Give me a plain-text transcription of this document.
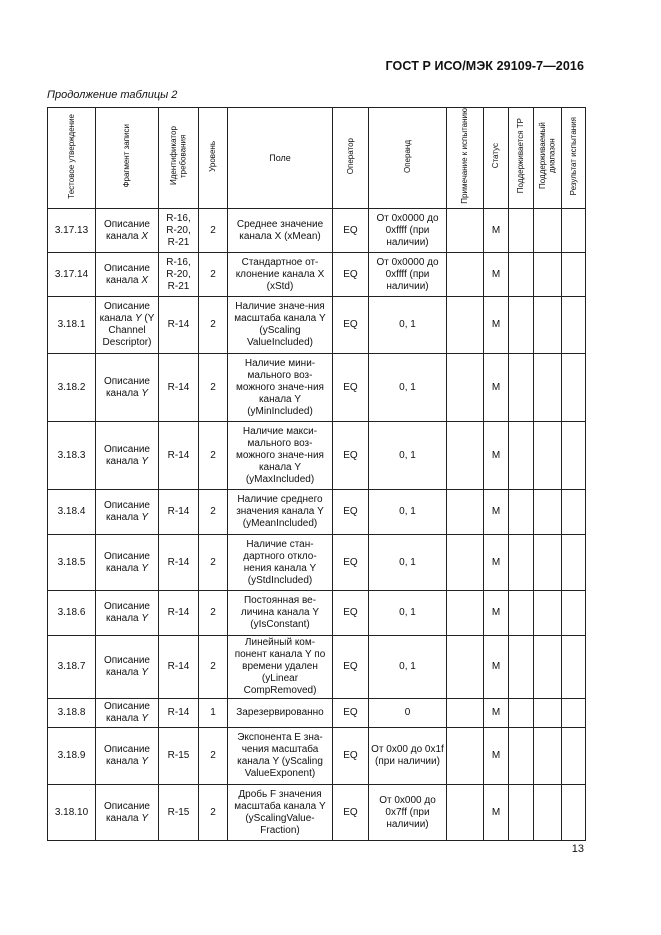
ГОСТ Р ИСО/МЭК 29109-7—2016
Продолжение таблицы 2
Тестовое утверждение	Фрагмент записи	Идентификатор требования	Уровень	Поле	Оператор	Операнд	Примечание к испытанию	Статус	Поддерживается ТР	Поддерживаемый диапазон	Результат испытания

3.17.13	Описание канала X	R-16, R-20, R-21	2	Среднее значение канала X (xMean)	EQ	От 0x0000 до 0xffff (при наличии)		M			

3.17.14	Описание канала X	R-16, R-20, R-21	2	Стандартное от-клонение канала X (xStd)	EQ	От 0x0000 до 0xffff (при наличии)		M			

3.18.1	Описание канала Y (Y Channel Descriptor)	R-14	2	Наличие значе-ния масштаба канала Y (yScaling ValueIncluded)	EQ	0, 1		M			

3.18.2	Описание канала Y	R-14	2	Наличие мини-мального воз-можного значе-ния канала Y (yMinIncluded)	EQ	0, 1		M			

3.18.3	Описание канала Y	R-14	2	Наличие макси-мального воз-можного значе-ния канала Y (yMaxIncluded)	EQ	0, 1		M			

3.18.4	Описание канала Y	R-14	2	Наличие среднего значения канала Y (yMeanIncluded)	EQ	0, 1		M			

3.18.5	Описание канала Y	R-14	2	Наличие стан-дартного откло-нения канала Y (yStdIncluded)	EQ	0, 1		M			

3.18.6	Описание канала Y	R-14	2	Постоянная ве-личина канала Y (yIsConstant)	EQ	0, 1		M			

3.18.7	Описание канала Y	R-14	2	Линейный ком-понент канала Y по времени удален (yLinear CompRemoved)	EQ	0, 1		M			

3.18.8	Описание канала Y	R-14	1	Зарезервированно	EQ	0		M			

3.18.9	Описание канала Y	R-15	2	Экспонента E зна-чения масштаба канала Y (yScaling ValueExponent)	EQ	От 0x00 до 0x1f (при наличии)		M			

3.18.10	Описание канала Y	R-15	2	Дробь F значения масштаба канала Y (yScalingValue-Fraction)	EQ	От 0x000 до 0x7ff (при наличии)		M			

13
